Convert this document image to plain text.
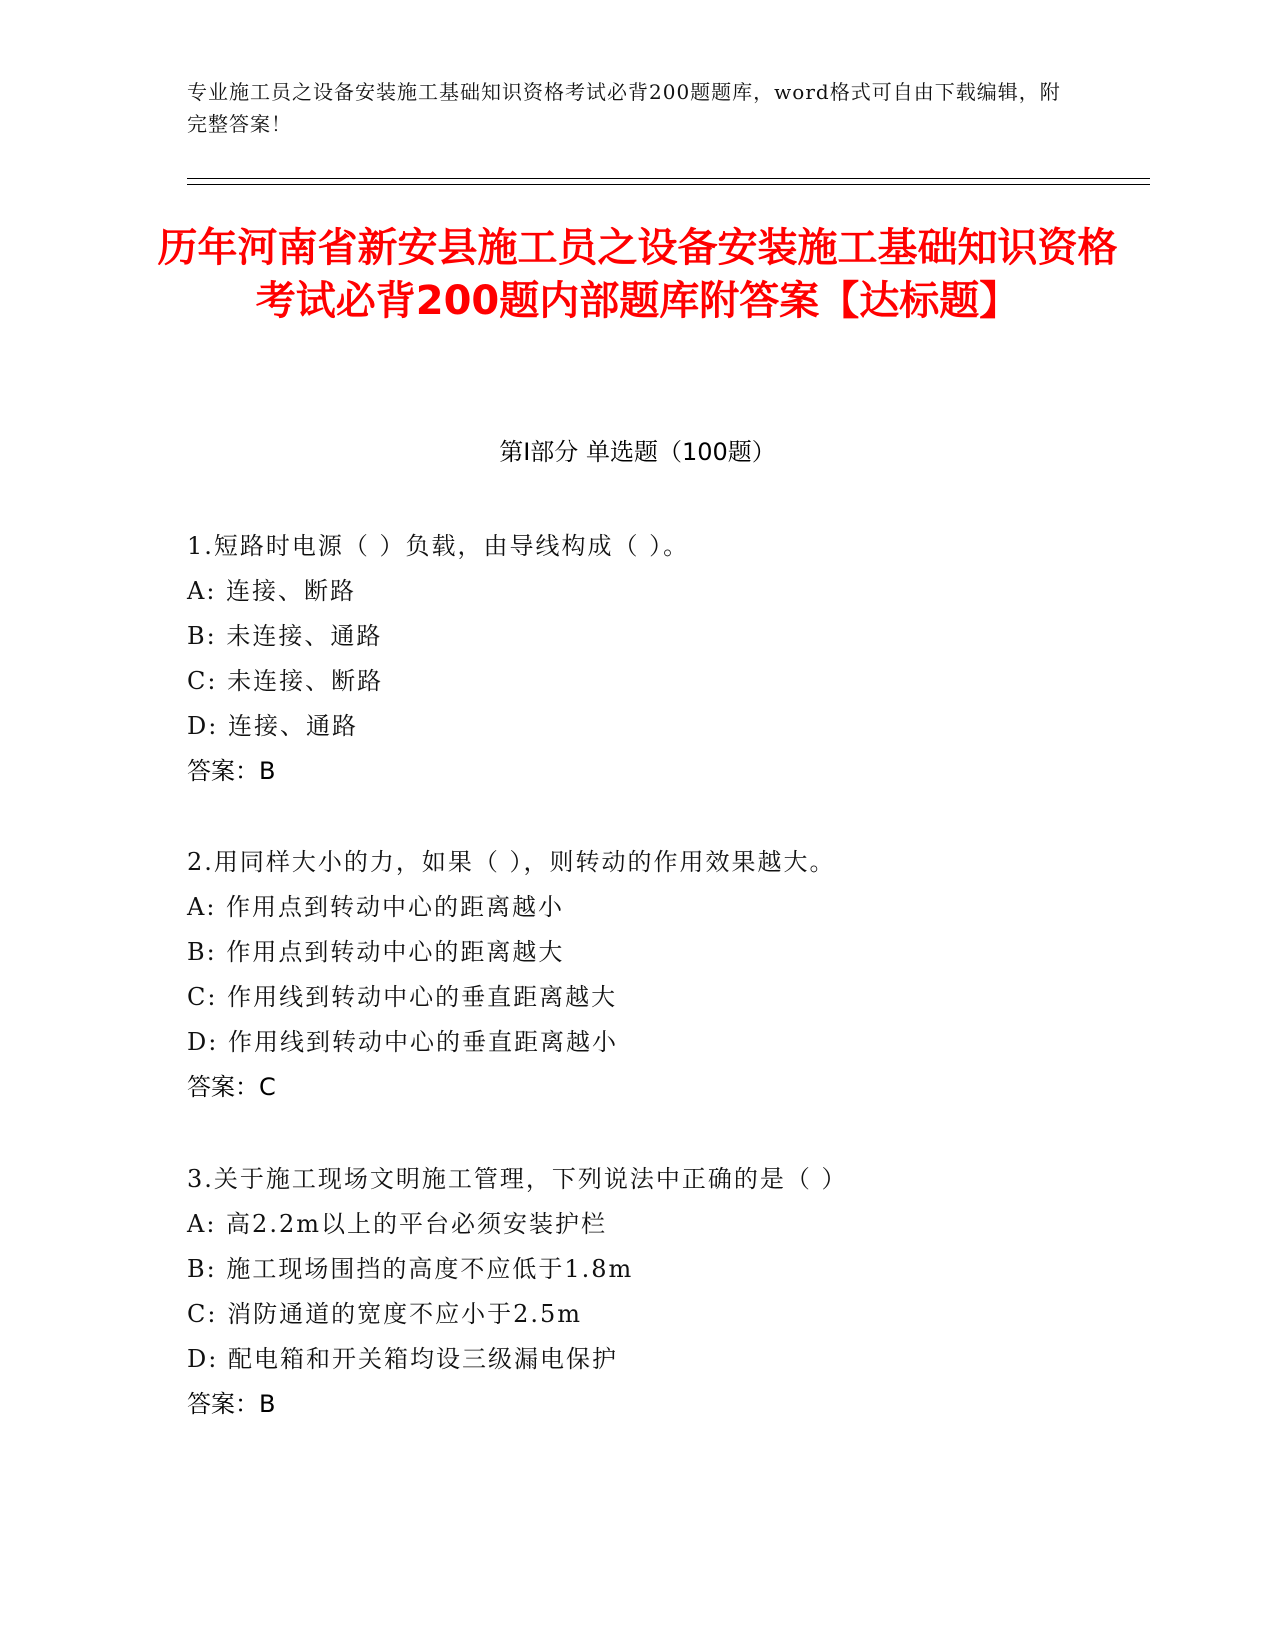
专业施工员之设备安装施工基础知识资格考试必背200题题库，word格式可自由下载编辑，附完整答案！
历年河南省新安县施工员之设备安装施工基础知识资格考试必背200题内部题库附答案【达标题】
第Ⅰ部分 单选题（100题）
1.短路时电源（ ）负载，由导线构成（ ）。
A: 连接、断路
B: 未连接、通路
C: 未连接、断路
D: 连接、通路
答案：B
2.用同样大小的力，如果（ ），则转动的作用效果越大。
A: 作用点到转动中心的距离越小
B: 作用点到转动中心的距离越大
C: 作用线到转动中心的垂直距离越大
D: 作用线到转动中心的垂直距离越小
答案：C
3.关于施工现场文明施工管理，下列说法中正确的是（ ）
A: 高2.2m以上的平台必须安装护栏
B: 施工现场围挡的高度不应低于1.8m
C: 消防通道的宽度不应小于2.5m
D: 配电箱和开关箱均设三级漏电保护
答案：B
